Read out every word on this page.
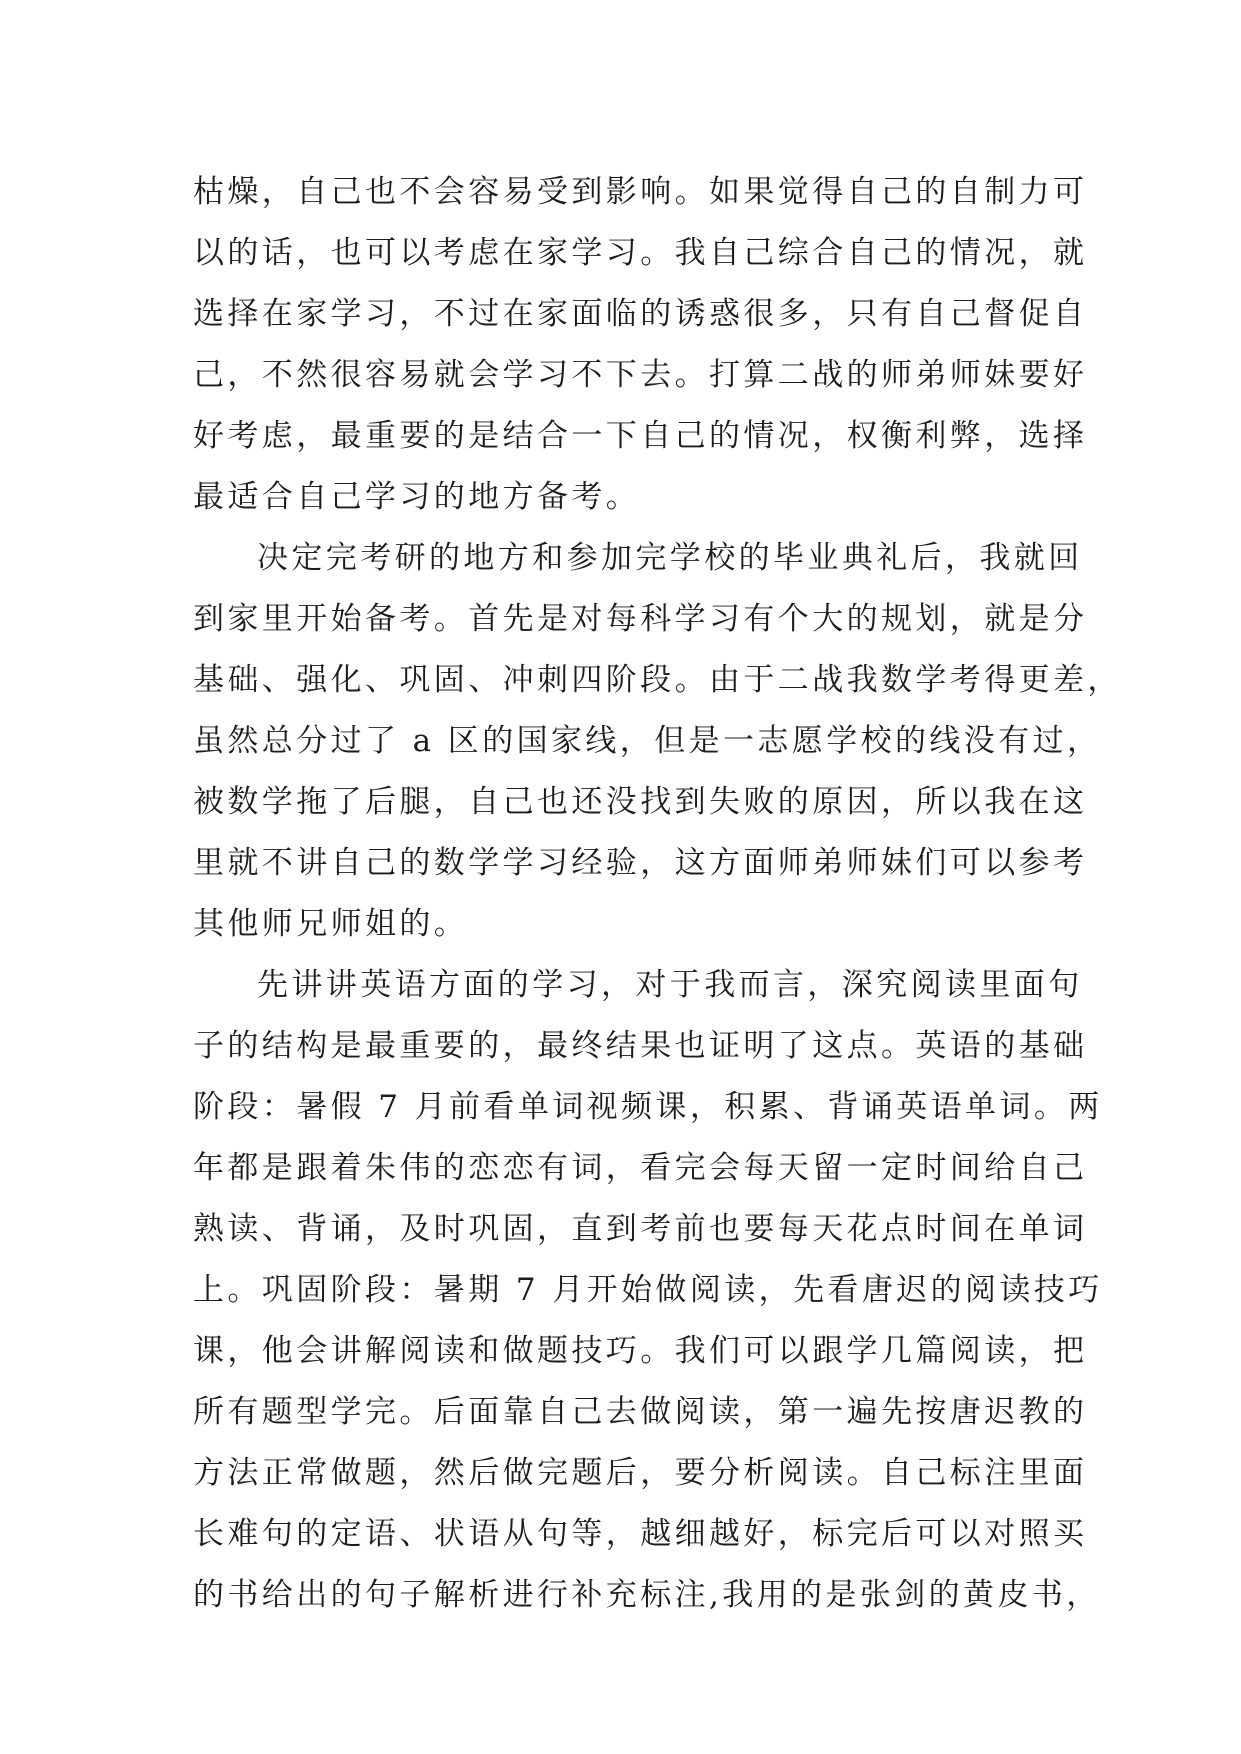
枯燥，自己也不会容易受到影响。如果觉得自己的自制力可
以的话，也可以考虑在家学习。我自己综合自己的情况，就
选择在家学习，不过在家面临的诱惑很多，只有自己督促自
己，不然很容易就会学习不下去。打算二战的师弟师妹要好
好考虑，最重要的是结合一下自己的情况，权衡利弊，选择
最适合自己学习的地方备考。
决定完考研的地方和参加完学校的毕业典礼后，我就回
到家里开始备考。首先是对每科学习有个大的规划，就是分
基础、强化、巩固、冲刺四阶段。由于二战我数学考得更差，
虽然总分过了 a 区的国家线，但是一志愿学校的线没有过，
被数学拖了后腿，自己也还没找到失败的原因，所以我在这
里就不讲自己的数学学习经验，这方面师弟师妹们可以参考
其他师兄师姐的。
先讲讲英语方面的学习，对于我而言，深究阅读里面句
子的结构是最重要的，最终结果也证明了这点。英语的基础
阶段：暑假 7 月前看单词视频课，积累、背诵英语单词。两
年都是跟着朱伟的恋恋有词，看完会每天留一定时间给自己
熟读、背诵，及时巩固，直到考前也要每天花点时间在单词
上。巩固阶段：暑期 7 月开始做阅读，先看唐迟的阅读技巧
课，他会讲解阅读和做题技巧。我们可以跟学几篇阅读，把
所有题型学完。后面靠自己去做阅读，第一遍先按唐迟教的
方法正常做题，然后做完题后，要分析阅读。自己标注里面
长难句的定语、状语从句等，越细越好，标完后可以对照买
的书给出的句子解析进行补充标注,我用的是张剑的黄皮书，
